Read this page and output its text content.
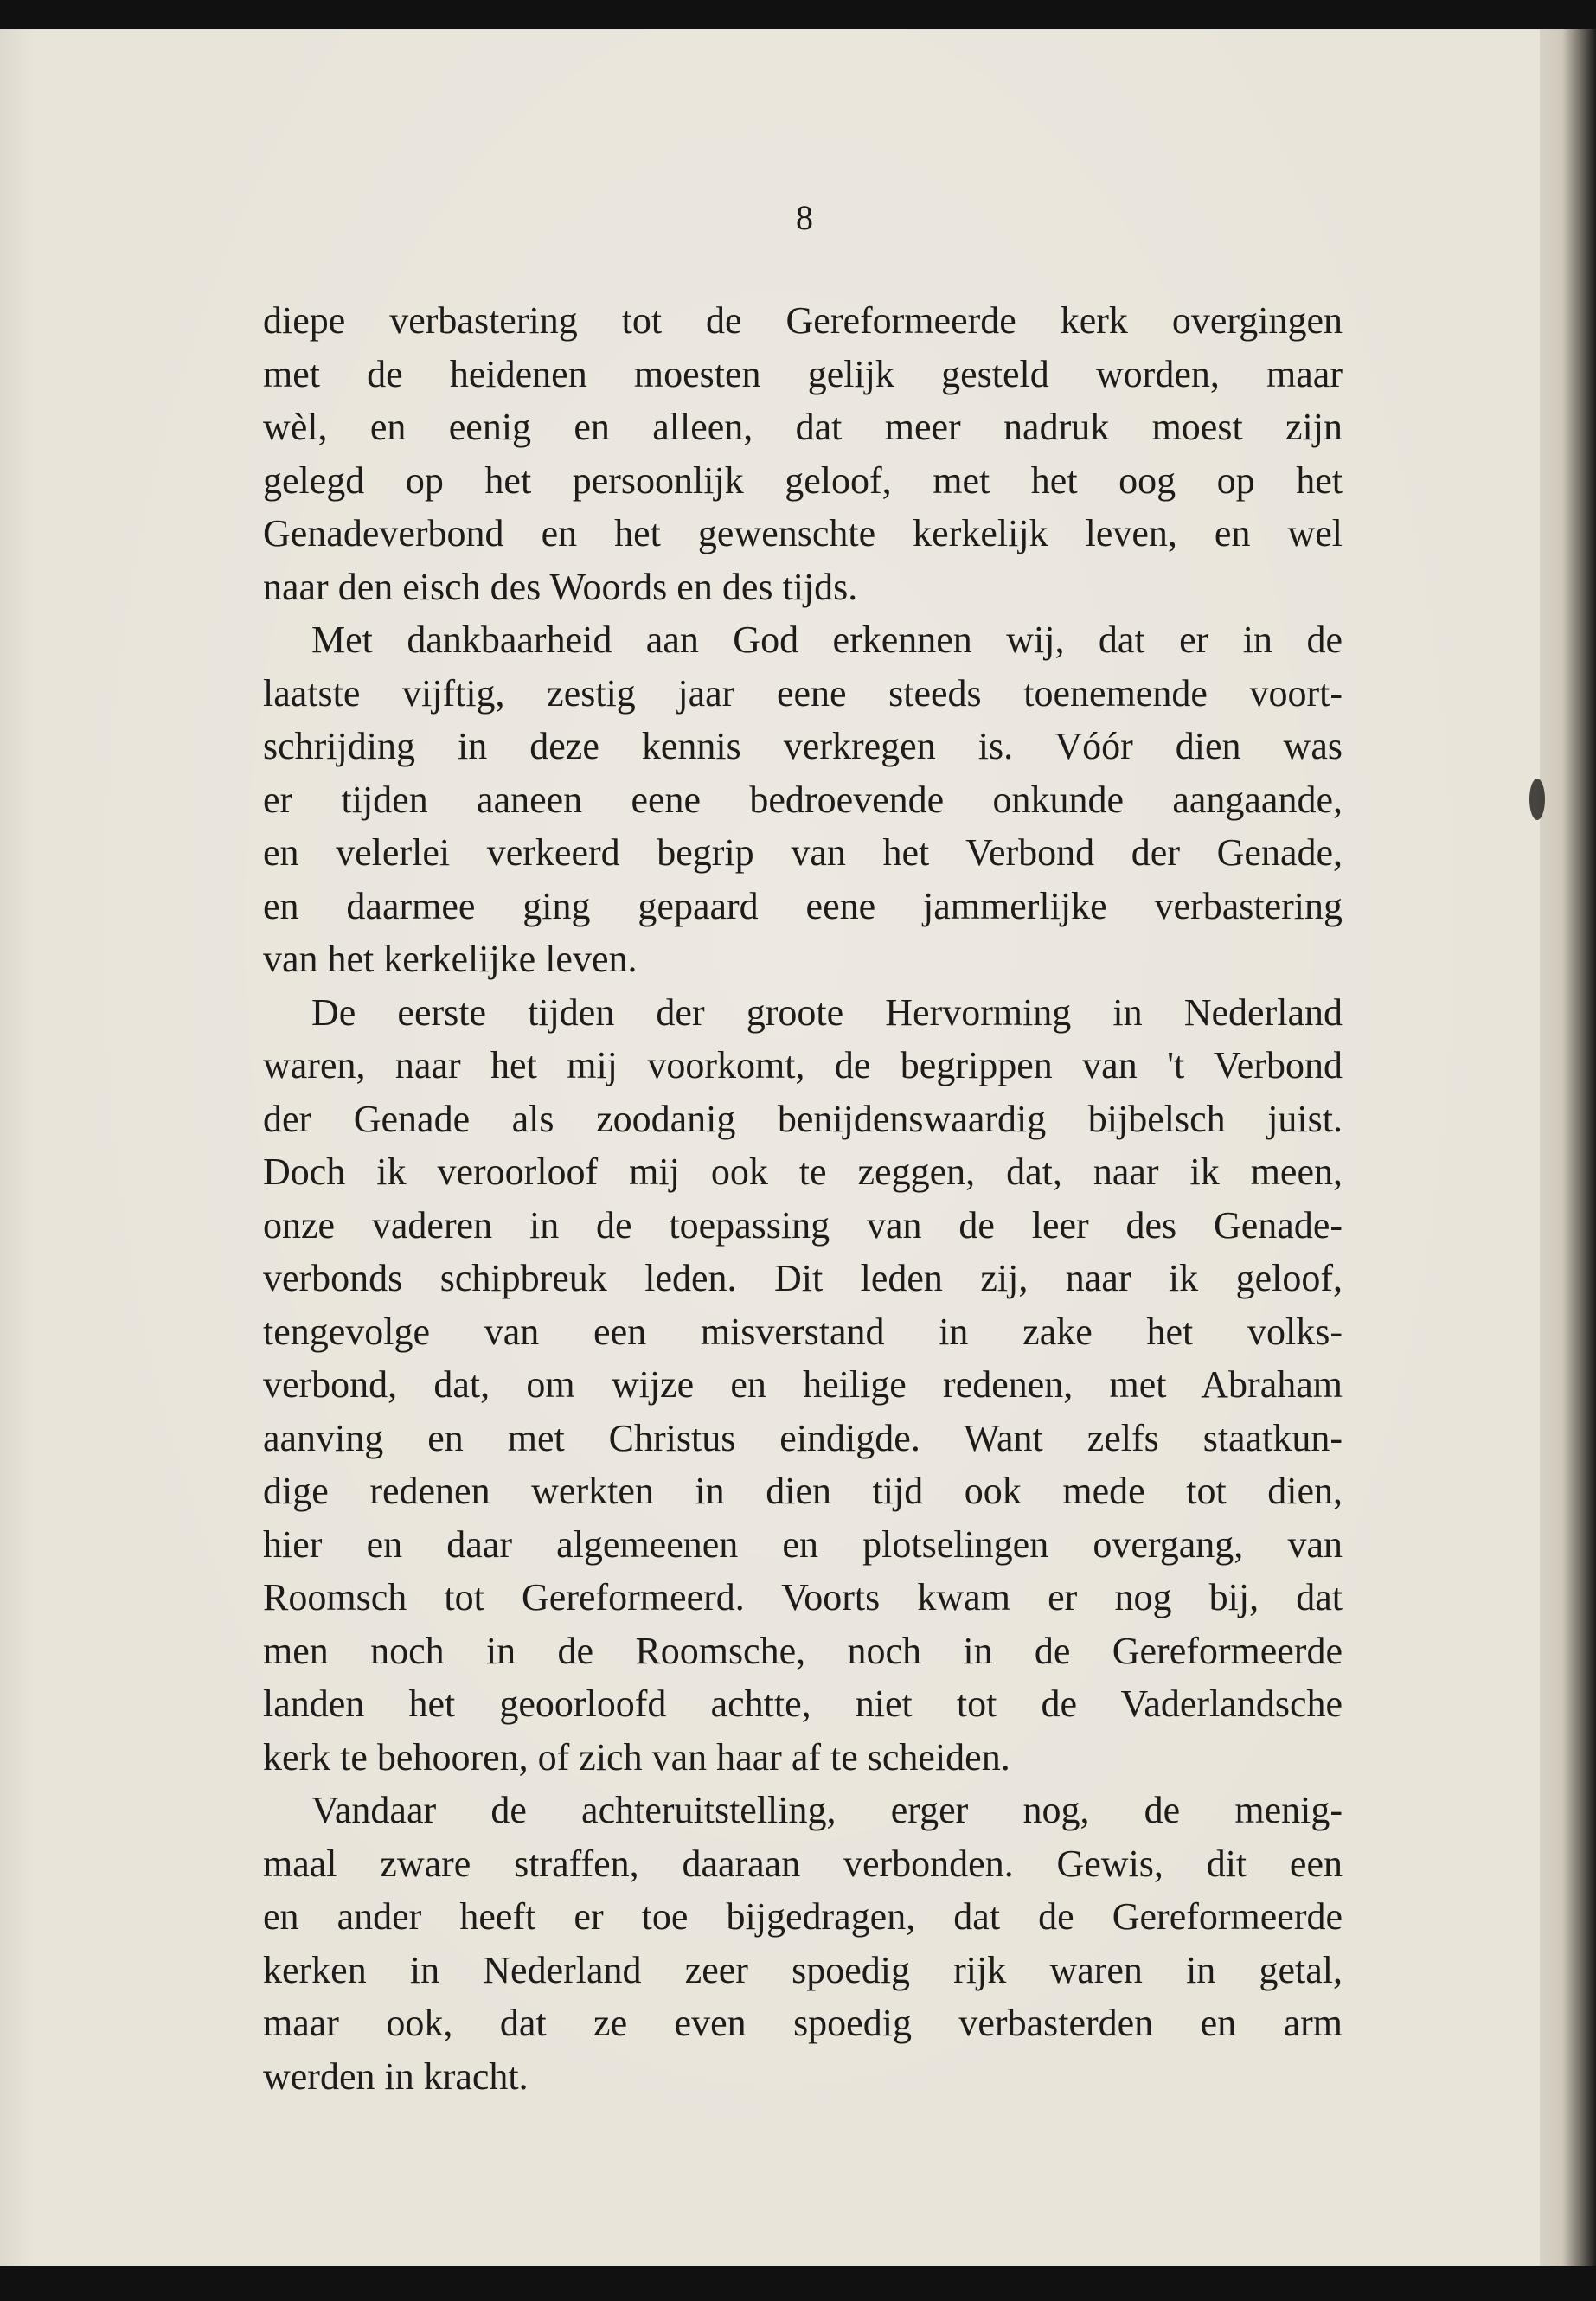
8
diepe verbastering tot de Gereformeerde kerk overgingen
met de heidenen moesten gelijk gesteld worden, maar
wèl, en eenig en alleen, dat meer nadruk moest zijn
gelegd op het persoonlijk geloof, met het oog op het
Genadeverbond en het gewenschte kerkelijk leven, en wel
naar den eisch des Woords en des tijds.
Met dankbaarheid aan God erkennen wij, dat er in de
laatste vijftig, zestig jaar eene steeds toenemende voort-
schrijding in deze kennis verkregen is. Vóór dien was
er tijden aaneen eene bedroevende onkunde aangaande,
en velerlei verkeerd begrip van het Verbond der Genade,
en daarmee ging gepaard eene jammerlijke verbastering
van het kerkelijke leven.
De eerste tijden der groote Hervorming in Nederland
waren, naar het mij voorkomt, de begrippen van 't Verbond
der Genade als zoodanig benijdenswaardig bijbelsch juist.
Doch ik veroorloof mij ook te zeggen, dat, naar ik meen,
onze vaderen in de toepassing van de leer des Genade-
verbonds schipbreuk leden. Dit leden zij, naar ik geloof,
tengevolge van een misverstand in zake het volks-
verbond, dat, om wijze en heilige redenen, met Abraham
aanving en met Christus eindigde. Want zelfs staatkun-
dige redenen werkten in dien tijd ook mede tot dien,
hier en daar algemeenen en plotselingen overgang, van
Roomsch tot Gereformeerd. Voorts kwam er nog bij, dat
men noch in de Roomsche, noch in de Gereformeerde
landen het geoorloofd achtte, niet tot de Vaderlandsche
kerk te behooren, of zich van haar af te scheiden.
Vandaar de achteruitstelling, erger nog, de menig-
maal zware straffen, daaraan verbonden. Gewis, dit een
en ander heeft er toe bijgedragen, dat de Gereformeerde
kerken in Nederland zeer spoedig rijk waren in getal,
maar ook, dat ze even spoedig verbasterden en arm
werden in kracht.
